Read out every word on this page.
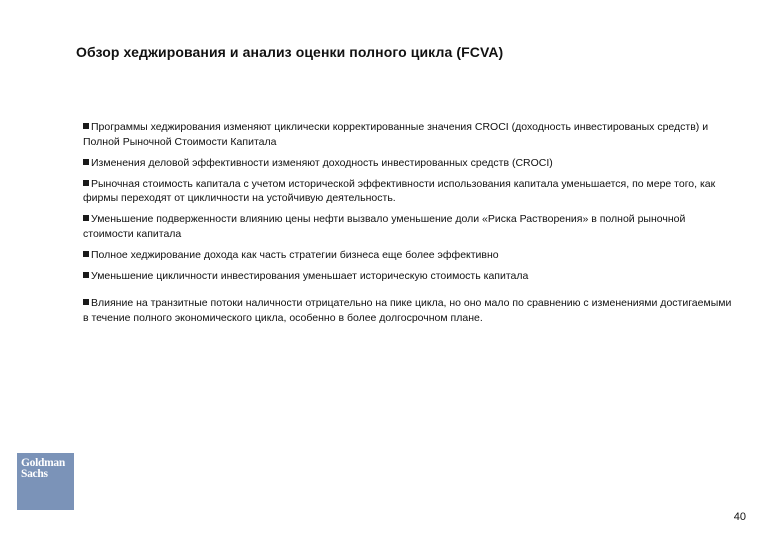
Обзор хеджирования и анализ оценки полного цикла (FCVA)
Программы хеджирования изменяют циклически корректированные значения CROCI (доходность инвестированых средств) и Полной Рыночной Стоимости Капитала
Изменения деловой эффективности изменяют доходность инвестированных средств (CROCI)
Рыночная стоимость капитала с учетом исторической эффективности использования капитала уменьшается, по мере того, как фирмы переходят от цикличности на устойчивую деятельность.
Уменьшение подверженности влиянию цены нефти вызвало уменьшение доли «Риска Растворения» в полной рыночной стоимости капитала
Полное хеджирование дохода как часть стратегии бизнеса еще более эффективно
Уменьшение цикличности инвестирования уменьшает историческую стоимость капитала
Влияние на транзитные потоки наличности отрицательно на пике цикла, но оно мало по сравнению с изменениями достигаемыми в течение полного экономического цикла, особенно в более долгосрочном плане.
Goldman
Sachs
40
